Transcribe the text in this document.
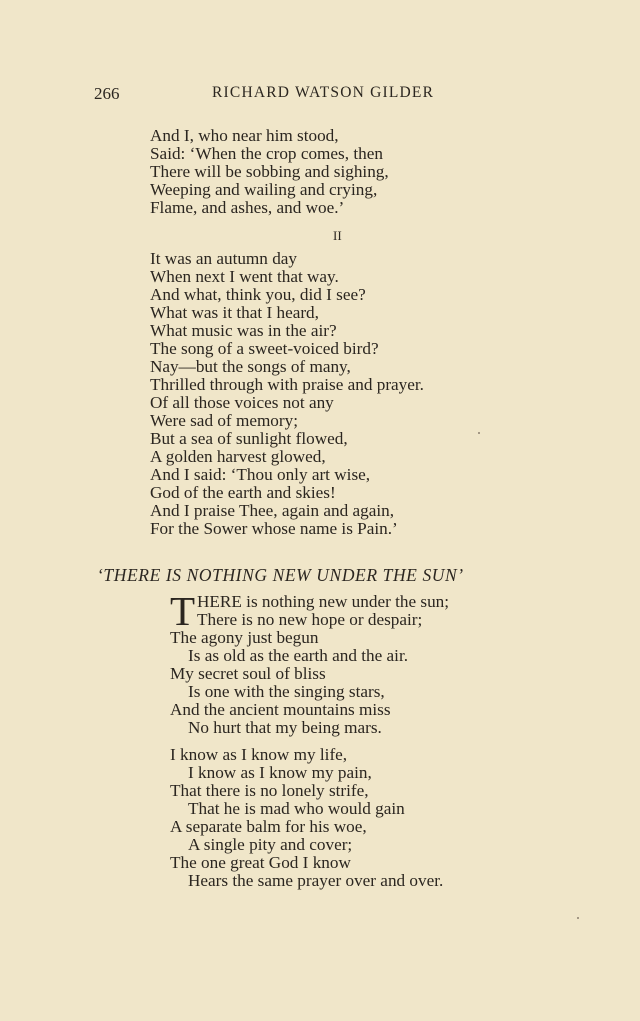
266	RICHARD WATSON GILDER
And I, who near him stood,
Said: ‘When the crop comes, then
There will be sobbing and sighing,
Weeping and wailing and crying,
Flame, and ashes, and woe.’
II
It was an autumn day
When next I went that way.
And what, think you, did I see?
What was it that I heard,
What music was in the air?
The song of a sweet-voiced bird?
Nay—but the songs of many,
Thrilled through with praise and prayer.
Of all those voices not any
Were sad of memory;
But a sea of sunlight flowed,
A golden harvest glowed,
And I said: ‘Thou only art wise,
God of the earth and skies!
And I praise Thee, again and again,
For the Sower whose name is Pain.’
‘THERE IS NOTHING NEW UNDER THE SUN’
T HERE is nothing new under the sun;
There is no new hope or despair;
The agony just begun
Is as old as the earth and the air.
My secret soul of bliss
Is one with the singing stars,
And the ancient mountains miss
No hurt that my being mars.
I know as I know my life,
I know as I know my pain,
That there is no lonely strife,
That he is mad who would gain
A separate balm for his woe,
A single pity and cover;
The one great God I know
Hears the same prayer over and over.
